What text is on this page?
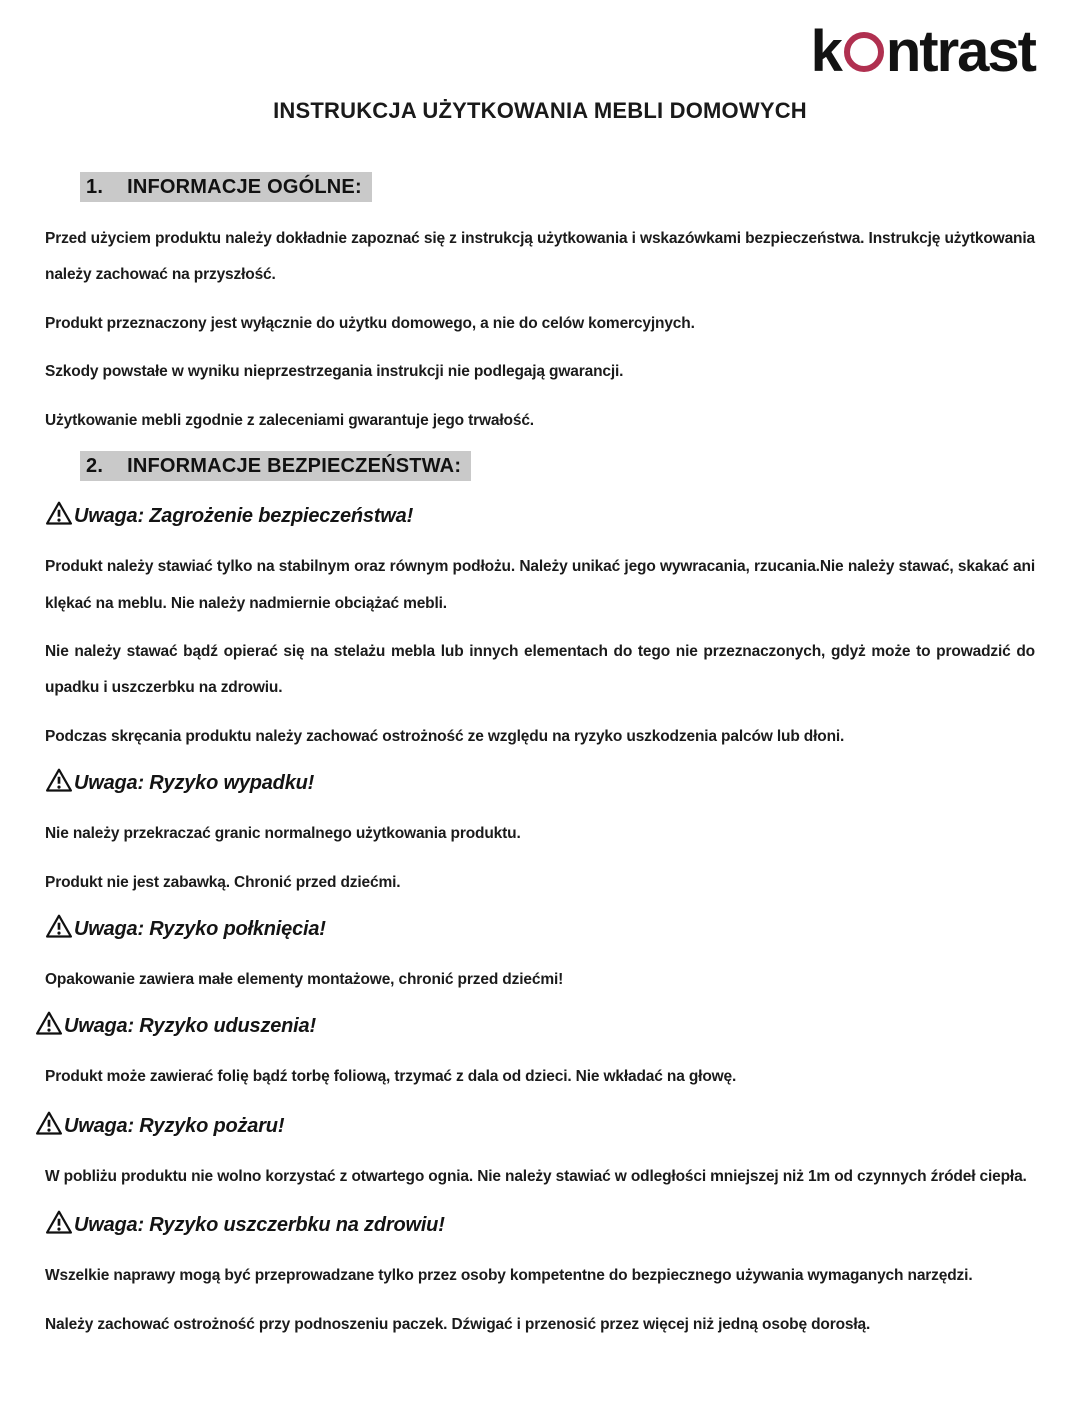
k ntrast
INSTRUKCJA UŻYTKOWANIA MEBLI DOMOWYCH
1. INFORMACJE OGÓLNE:

Przed użyciem produktu należy dokładnie zapoznać się z instrukcją użytkowania i wskazówkami bezpieczeństwa. Instrukcję użytkowania należy zachować na przyszłość.

Produkt przeznaczony jest wyłącznie do użytku domowego, a nie do celów komercyjnych.

Szkody powstałe w wyniku nieprzestrzegania instrukcji nie podlegają gwarancji.

Użytkowanie mebli zgodnie z zaleceniami gwarantuje jego trwałość.

2. INFORMACJE BEZPIECZEŃSTWA:
Uwaga: Zagrożenie bezpieczeństwa!

Produkt należy stawiać tylko na stabilnym oraz równym podłożu. Należy unikać jego wywracania, rzucania.Nie należy stawać, skakać ani klękać na meblu. Nie należy nadmiernie obciążać mebli.

Nie należy stawać bądź opierać się na stelażu mebla lub innych elementach do tego nie przeznaczonych, gdyż może to prowadzić do upadku i uszczerbku na zdrowiu.

Podczas skręcania produktu należy zachować ostrożność ze względu na ryzyko uszkodzenia palców lub dłoni.

Uwaga: Ryzyko wypadku!

Nie należy przekraczać granic normalnego użytkowania produktu.

Produkt nie jest zabawką. Chronić przed dziećmi.

Uwaga: Ryzyko połknięcia!

Opakowanie zawiera małe elementy montażowe, chronić przed dziećmi!

Uwaga: Ryzyko uduszenia!

Produkt może zawierać folię bądź torbę foliową, trzymać z dala od dzieci. Nie wkładać na głowę.

Uwaga: Ryzyko pożaru!

W pobliżu produktu nie wolno korzystać z otwartego ognia. Nie należy stawiać w odległości mniejszej niż 1m od czynnych źródeł ciepła.

Uwaga: Ryzyko uszczerbku na zdrowiu!

Wszelkie naprawy mogą być przeprowadzane tylko przez osoby kompetentne do bezpiecznego używania wymaganych narzędzi.

Należy zachować ostrożność przy podnoszeniu paczek. Dźwigać i przenosić przez więcej niż jedną osobę dorosłą.
